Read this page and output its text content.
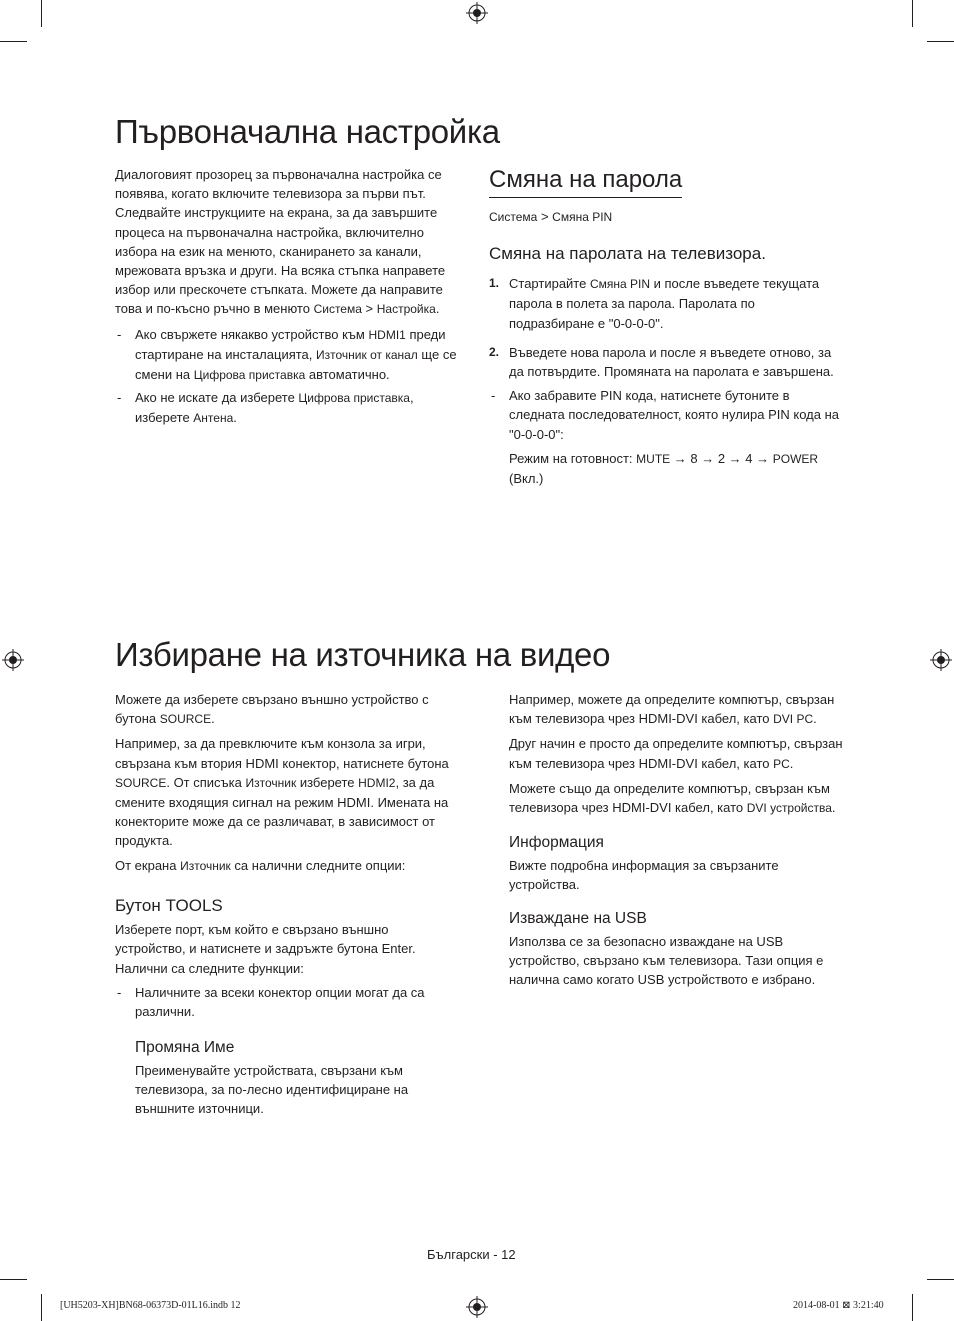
Първоначална настройка

Диалоговият прозорец за първоначална настройка се появява, когато включите телевизора за първи път. Следвайте инструкциите на екрана, за да завършите процеса на първоначална настройка, включително избора на език на менюто, сканирането за канали, мрежовата връзка и други. На всяка стъпка направете избор или прескочете стъпката. Можете да направите това и по-късно ръчно в менюто Система > Настройка.

- Ако свържете някакво устройство към HDMI1 преди стартиране на инсталацията, Източник от канал ще се смени на Цифрова приставка автоматично.

- Ако не искате да изберете Цифрова приставка, изберете Антена.

Смяна на парола

Система > Смяна PIN

Смяна на паролата на телевизора.

1. Стартирайте Смяна PIN и после въведете текущата парола в полета за парола. Паролата по подразбиране е "0-0-0-0".

2. Въведете нова парола и после я въведете отново, за да потвърдите. Промяната на паролата е завършена.

- Ако забравите PIN кода, натиснете бутоните в следната последователност, която нулира PIN кода на "0-0-0-0":

Режим на готовност: MUTE → 8 → 2 → 4 → POWER
(Вкл.)

Избиране на източника на видео

Можете да изберете свързано външно устройство с бутона SOURCE.

Например, за да превключите към конзола за игри, свързана към втория HDMI конектор, натиснете бутона SOURCE. От списъка Източник изберете HDMI2, за да смените входящия сигнал на режим HDMI. Имената на конекторите може да се различават, в зависимост от продукта.

От екрана Източник са налични следните опции:

Бутон TOOLS

Изберете порт, към който е свързано външно устройство, и натиснете и задръжте бутона Enter. Налични са следните функции:

- Наличните за всеки конектор опции могат да са различни.

Промяна Име

Преименувайте устройствата, свързани към телевизора, за по-лесно идентифициране на външните източници.

Например, можете да определите компютър, свързан към телевизора чрез HDMI-DVI кабел, като DVI PC.

Друг начин е просто да определите компютър, свързан към телевизора чрез HDMI-DVI кабел, като PC.

Можете също да определите компютър, свързан към телевизора чрез HDMI-DVI кабел, като DVI устройства.

Информация

Вижте подробна информация за свързаните устройства.

Изваждане на USB

Използва се за безопасно изваждане на USB устройство, свързано към телевизора. Тази опция е налична само когато USB устройството е избрано.

Български - 12
[UH5203-XH]BN68-06373D-01L16.indb 12	2014-08-01 ⊠ 3:21:40
